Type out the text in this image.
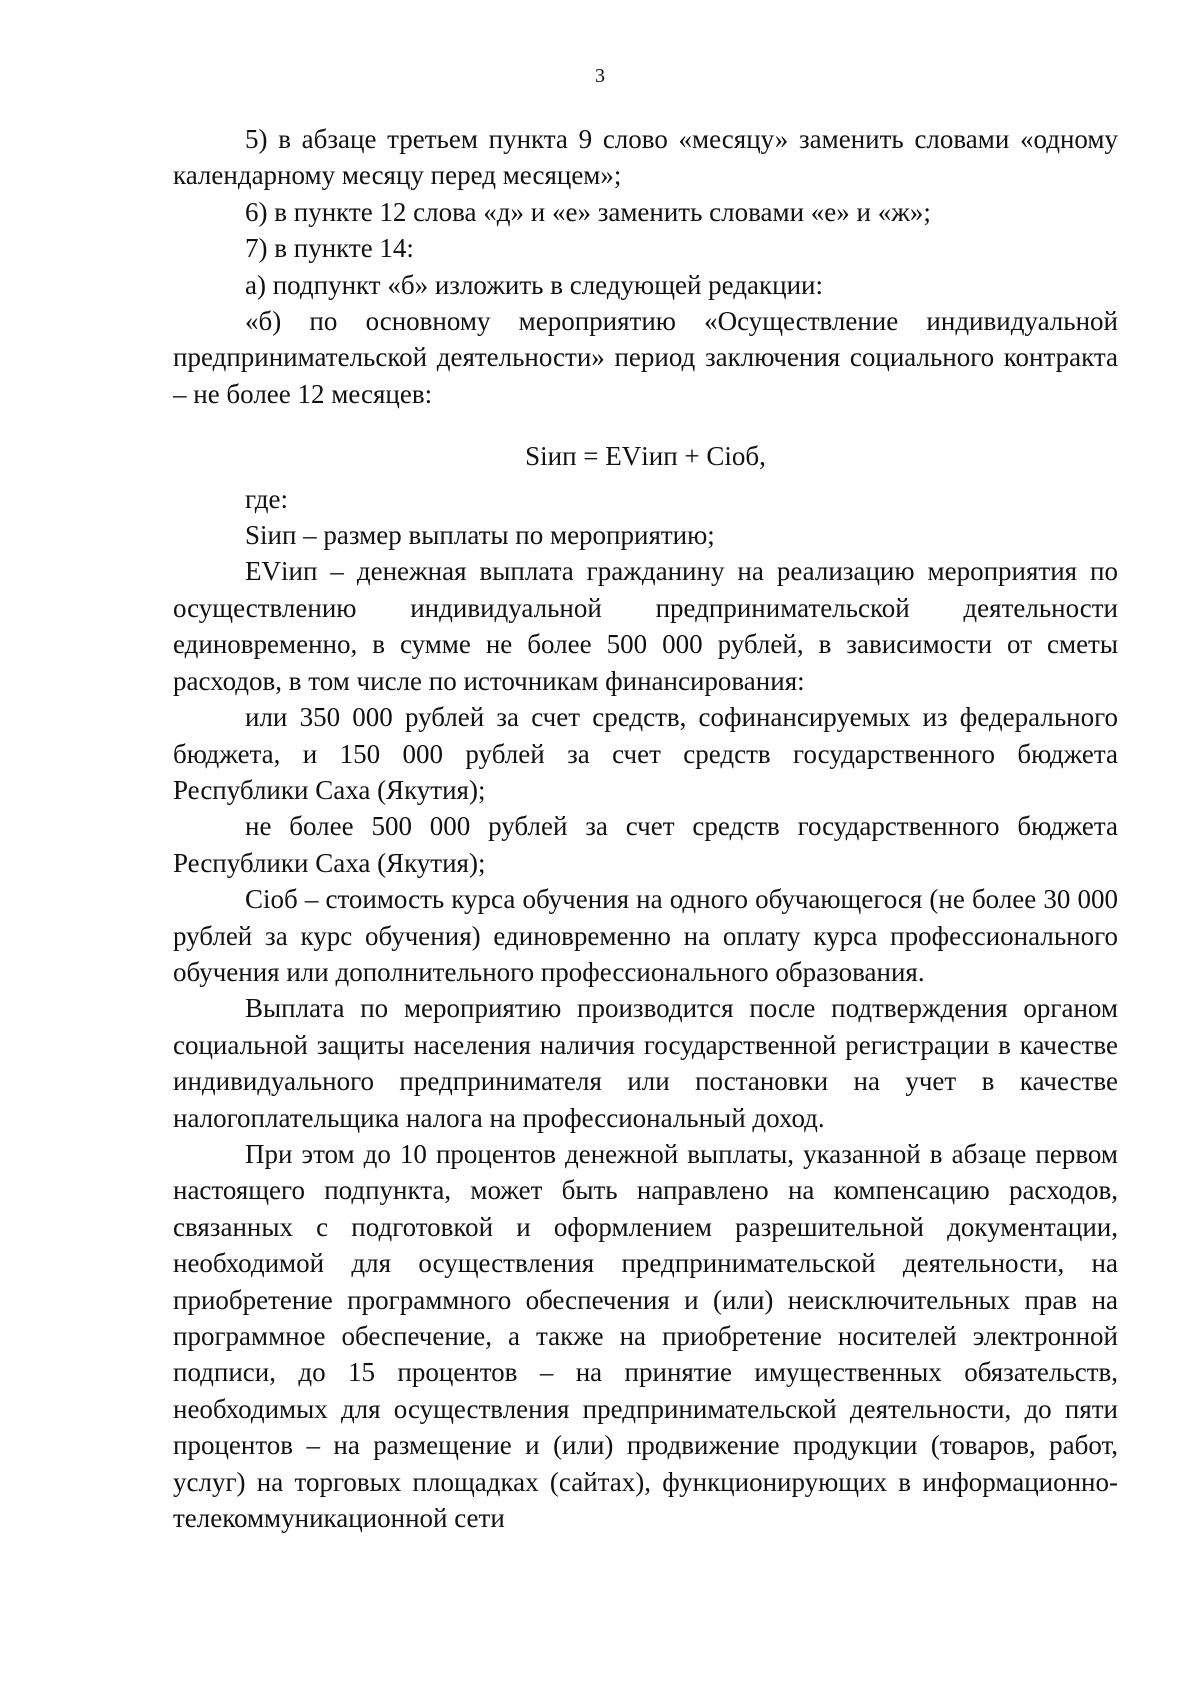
3

5) в абзаце третьем пункта 9 слово «месяцу» заменить словами «одному календарному месяцу перед месяцем»;

6) в пункте 12 слова «д» и «е» заменить словами «е» и «ж»;

7) в пункте 14:

а) подпункт «б» изложить в следующей редакции:

«б) по основному мероприятию «Осуществление индивидуальной предпринимательской деятельности» период заключения социального контракта – не более 12 месяцев:

Sіип = EVіип + Сіоб,

где:

Sіип – размер выплаты по мероприятию;

EVіип – денежная выплата гражданину на реализацию мероприятия по осуществлению индивидуальной предпринимательской деятельности единовременно, в сумме не более 500 000 рублей, в зависимости от сметы расходов, в том числе по источникам финансирования:

или 350 000 рублей за счет средств, софинансируемых из федерального бюджета, и 150 000 рублей за счет средств государственного бюджета Республики Саха (Якутия);

не более 500 000 рублей за счет средств государственного бюджета Республики Саха (Якутия);

Сіоб – стоимость курса обучения на одного обучающегося (не более 30 000 рублей за курс обучения) единовременно на оплату курса профессионального обучения или дополнительного профессионального образования.

Выплата по мероприятию производится после подтверждения органом социальной защиты населения наличия государственной регистрации в качестве индивидуального предпринимателя или постановки на учет в качестве налогоплательщика налога на профессиональный доход.

При этом до 10 процентов денежной выплаты, указанной в абзаце первом настоящего подпункта, может быть направлено на компенсацию расходов, связанных с подготовкой и оформлением разрешительной документации, необходимой для осуществления предпринимательской деятельности, на приобретение программного обеспечения и (или) неисключительных прав на программное обеспечение, а также на приобретение носителей электронной подписи, до 15 процентов – на принятие имущественных обязательств, необходимых для осуществления предпринимательской деятельности, до пяти процентов – на размещение и (или) продвижение продукции (товаров, работ, услуг) на торговых площадках (сайтах), функционирующих в информационно-телекоммуникационной сети
